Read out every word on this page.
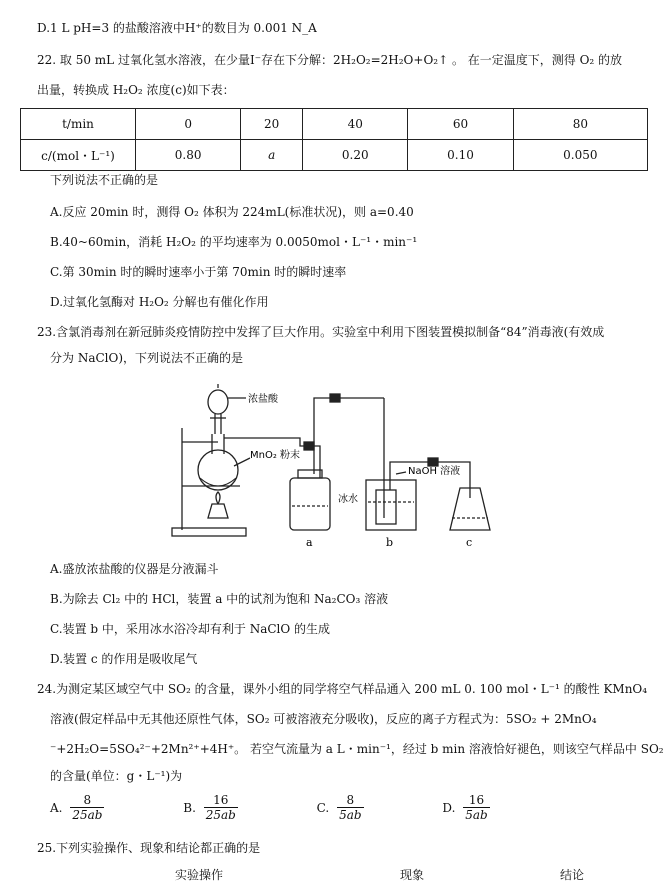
D.1 L pH=3 的盐酸溶液中H⁺的数目为 0.001 N_A
22. 取 50 mL 过氧化氢水溶液，在少量I⁻存在下分解：2H₂O₂=2H₂O+O₂↑ 。 在一定温度下，测得 O₂ 的放
出量，转换成 H₂O₂ 浓度(c)如下表：
t/min	0	20	40	60	80
c/(mol・L⁻¹)	0.80	a	0.20	0.10	0.050
下列说法不正确的是
A.反应 20min 时，测得 O₂ 体积为 224mL(标准状况)，则 a=0.40
B.40~60min，消耗 H₂O₂ 的平均速率为 0.0050mol・L⁻¹・min⁻¹
C.第 30min 时的瞬时速率小于第 70min 时的瞬时速率
D.过氧化氢酶对 H₂O₂ 分解也有催化作用
23.含氯消毒剂在新冠肺炎疫情防控中发挥了巨大作用。实验室中利用下图装置模拟制备“84”消毒液(有效成
分为 NaClO)，下列说法不正确的是
浓盐酸
MnO₂ 粉末
冰水
NaOH 溶液
a	b	c
A.盛放浓盐酸的仪器是分液漏斗
B.为除去 Cl₂ 中的 HCl，装置 a 中的试剂为饱和 Na₂CO₃ 溶液
C.装置 b 中，采用冰水浴冷却有利于 NaClO 的生成
D.装置 c 的作用是吸收尾气
24.为测定某区域空气中 SO₂ 的含量，课外小组的同学将空气样品通入 200 mL 0. 100 mol・L⁻¹ 的酸性 KMnO₄
溶液(假定样品中无其他还原性气体，SO₂ 可被溶液充分吸收)，反应的离子方程式为：5SO₂ + 2MnO₄
⁻+2H₂O=5SO₄²⁻+2Mn²⁺+4H⁺。 若空气流量为 a L・min⁻¹，经过 b min 溶液恰好褪色，则该空气样品中 SO₂
的含量(单位：g・L⁻¹)为
A. $\frac{8}{25ab}$	B. $\frac{16}{25ab}$	C. $\frac{8}{5ab}$	D. $\frac{16}{5ab}$
25.下列实验操作、现象和结论都正确的是
实验操作	现象	结论
